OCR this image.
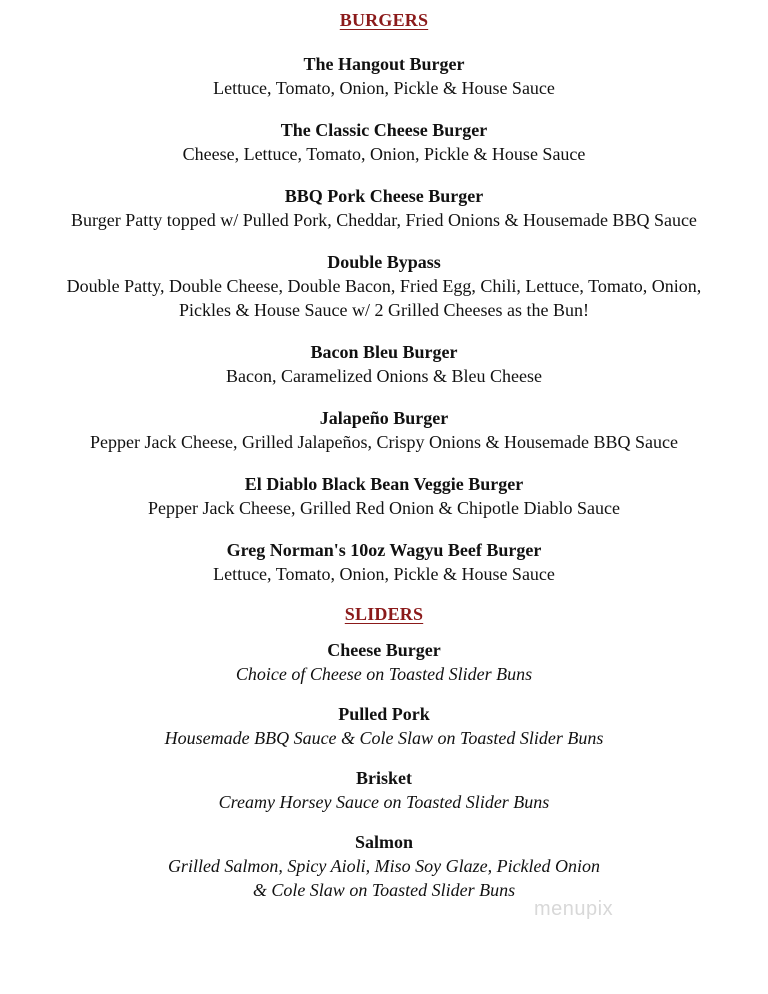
BURGERS
The Hangout Burger
Lettuce, Tomato, Onion, Pickle & House Sauce
The Classic Cheese Burger
Cheese, Lettuce, Tomato, Onion, Pickle & House Sauce
BBQ Pork Cheese Burger
Burger Patty topped w/ Pulled Pork, Cheddar, Fried Onions & Housemade BBQ Sauce
Double Bypass
Double Patty, Double Cheese, Double Bacon, Fried Egg, Chili, Lettuce, Tomato, Onion,
Pickles & House Sauce w/ 2 Grilled Cheeses as the Bun!
Bacon Bleu Burger
Bacon, Caramelized Onions & Bleu Cheese
Jalapeño Burger
Pepper Jack Cheese, Grilled Jalapeños, Crispy Onions & Housemade BBQ Sauce
El Diablo Black Bean Veggie Burger
Pepper Jack Cheese, Grilled Red Onion & Chipotle Diablo Sauce
Greg Norman's 10oz Wagyu Beef Burger
Lettuce, Tomato, Onion, Pickle & House Sauce
SLIDERS
Cheese Burger
Choice of Cheese on Toasted Slider Buns
Pulled Pork
Housemade BBQ Sauce & Cole Slaw on Toasted Slider Buns
Brisket
Creamy Horsey Sauce on Toasted Slider Buns
Salmon
Grilled Salmon, Spicy Aioli, Miso Soy Glaze, Pickled Onion
& Cole Slaw on Toasted Slider Buns
menupix
